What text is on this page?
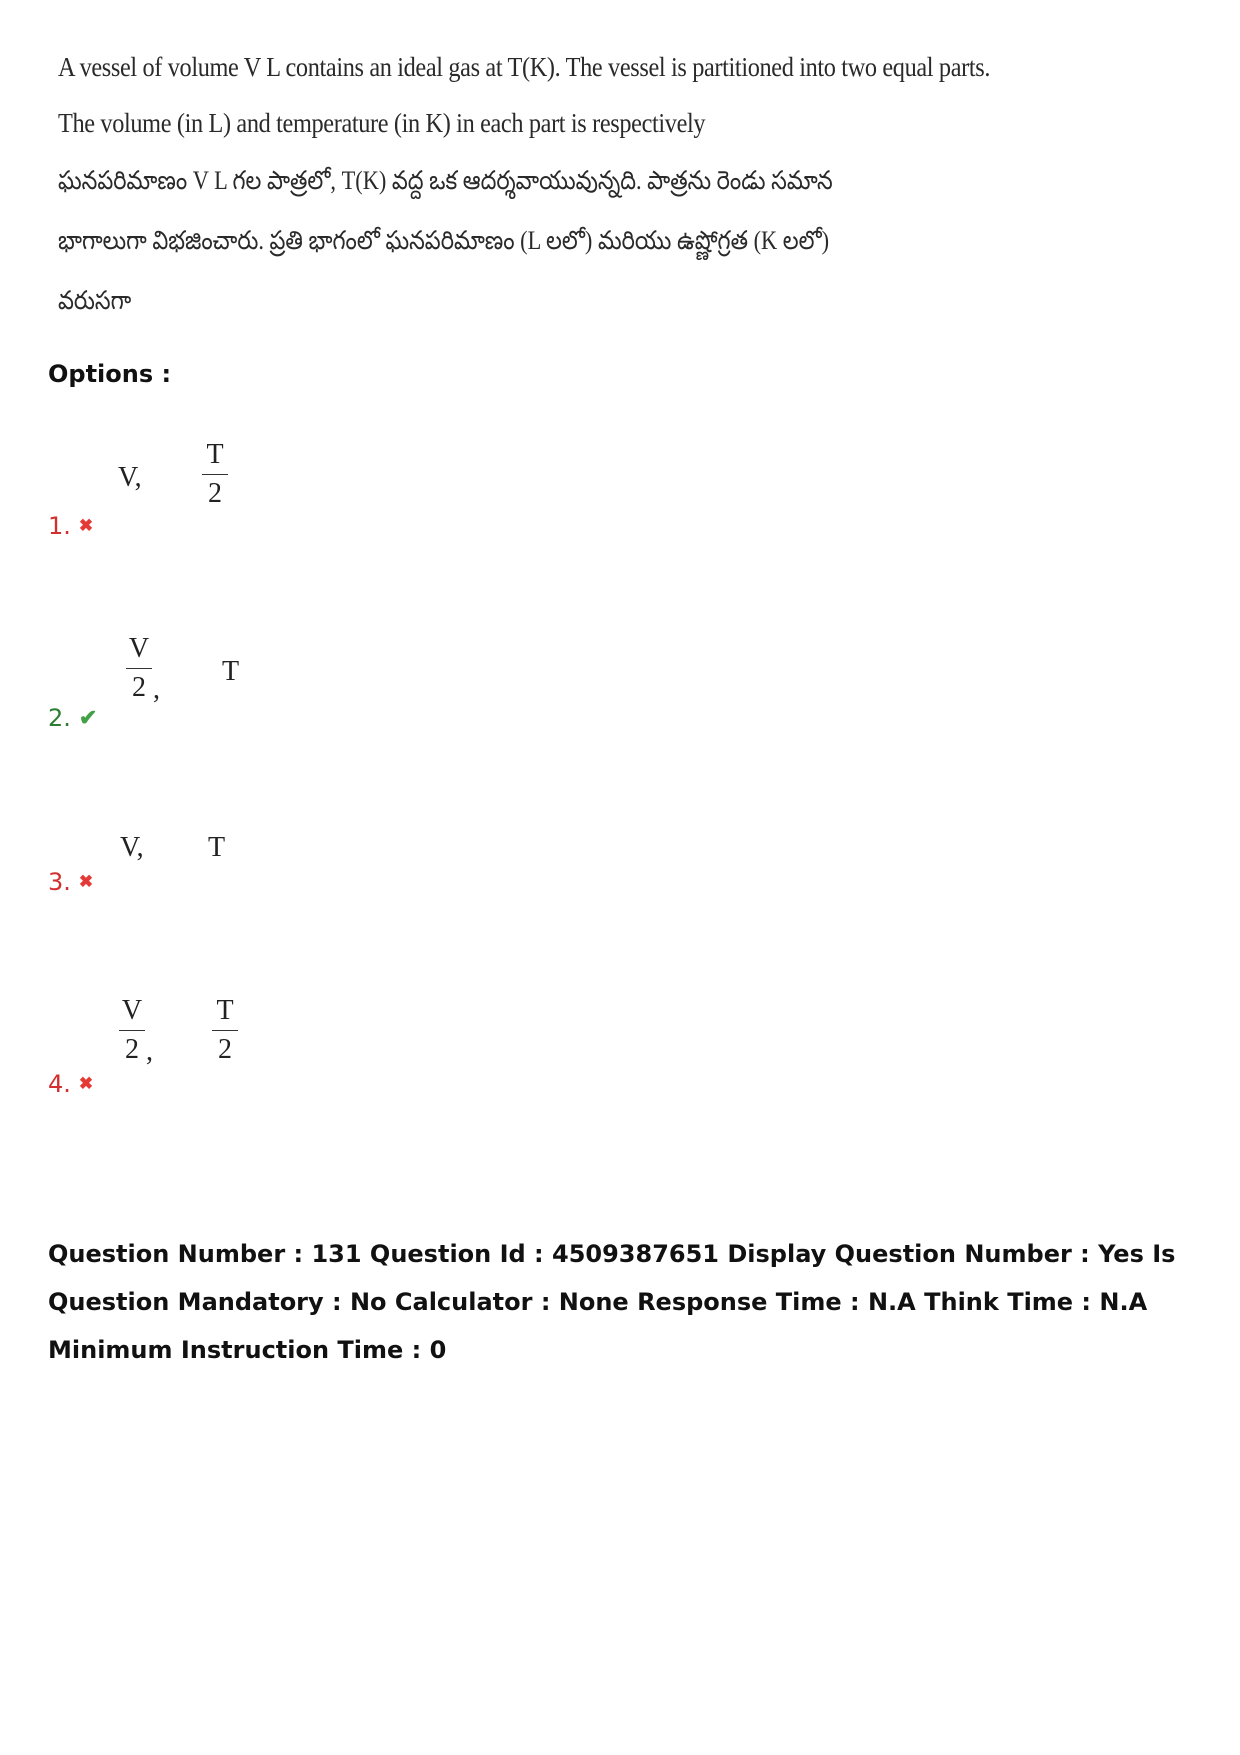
A vessel of volume V L contains an ideal gas at T(K). The vessel is partitioned into two equal parts.
The volume (in L) and temperature (in K) in each part is respectively
ఘనపరిమాణం V L గల పాత్రలో, T(K) వద్ద ఒక ఆదర్శవాయువున్నది. పాత్రను రెండు సమాన
భాగాలుగా విభజించారు. ప్రతి భాగంలో ఘనపరిమాణం (L లలో) మరియు ఉష్ణోగ్రత (K లలో)
వరుసగా
Options :
1. ✖
V,
T
2
2. ✔
V
2 ,
T
3. ✖
V, T
4. ✖
V
2 ,
T
2
Question Number : 131 Question Id : 4509387651 Display Question Number : Yes Is Question Mandatory : No Calculator : None Response Time : N.A Think Time : N.A Minimum Instruction Time : 0
